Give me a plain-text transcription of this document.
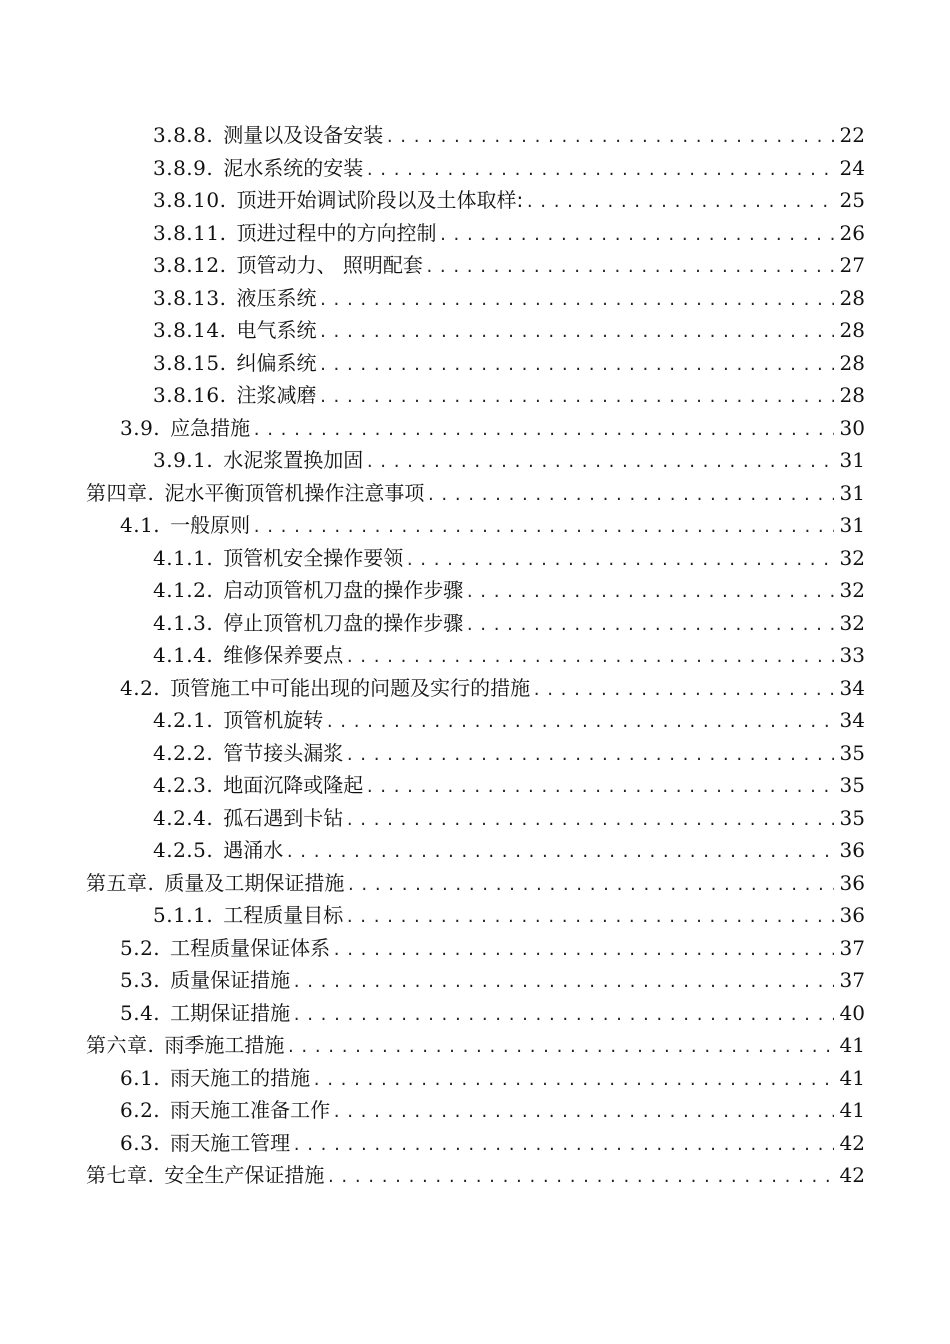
3.8.8. 测量以及设备安装 .....	22
3.8.9. 泥水系统的安装 .....	24
3.8.10. 顶进开始调试阶段以及土体取样: .....	25
3.8.11. 顶进过程中的方向控制 .....	26
3.8.12. 顶管动力、 照明配套 .....	27
3.8.13. 液压系统 .....	28
3.8.14. 电气系统 .....	28
3.8.15. 纠偏系统 .....	28
3.8.16. 注浆减磨 .....	28
3.9. 应急措施 .....	30
3.9.1. 水泥浆置换加固 .....	31
第四章. 泥水平衡顶管机操作注意事项 .....	31
4.1. 一般原则 .....	31
4.1.1. 顶管机安全操作要领 .....	32
4.1.2. 启动顶管机刀盘的操作步骤 .....	32
4.1.3. 停止顶管机刀盘的操作步骤 .....	32
4.1.4. 维修保养要点 .....	33
4.2. 顶管施工中可能出现的问题及实行的措施 .....	34
4.2.1. 顶管机旋转 .....	34
4.2.2. 管节接头漏浆 .....	35
4.2.3. 地面沉降或隆起 .....	35
4.2.4. 孤石遇到卡钻 .....	35
4.2.5. 遇涌水 .....	36
第五章. 质量及工期保证措施 .....	36
5.1.1. 工程质量目标 .....	36
5.2. 工程质量保证体系 .....	37
5.3. 质量保证措施 .....	37
5.4. 工期保证措施 .....	40
第六章. 雨季施工措施 .....	41
6.1. 雨天施工的措施 .....	41
6.2. 雨天施工准备工作 .....	41
6.3. 雨天施工管理 .....	42
第七章. 安全生产保证措施 .....	42
